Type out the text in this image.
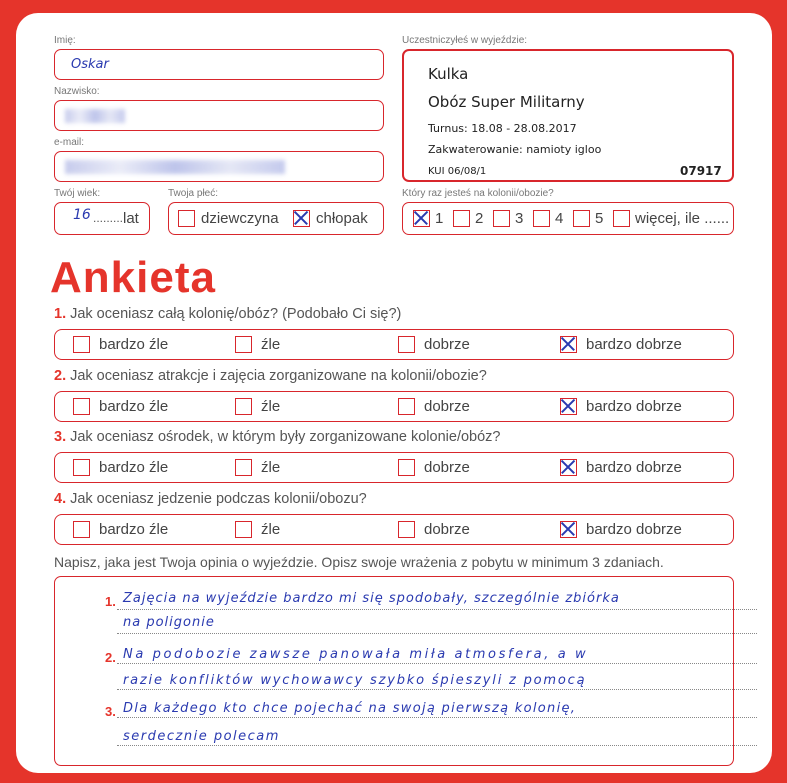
Imię:
Oskar
Nazwisko:
e-mail:
Twój wiek:
16 ......... lat
Twoja płeć:
dziewczyna chłopak
Uczestniczyłeś w wyjeździe:
Kulka
Obóz Super Militarny
Turnus: 18.08 - 28.08.2017
Zakwaterowanie: namioty igloo
KUI 06/08/1	07917
Który raz jesteś na kolonii/obozie?
1 2 3 4 5 więcej, ile ......
Ankieta
1. Jak oceniasz całą kolonię/obóz? (Podobało Ci się?)
bardzo źle	źle	dobrze	bardzo dobrze
2. Jak oceniasz atrakcje i zajęcia zorganizowane na kolonii/obozie?
bardzo źle	źle	dobrze	bardzo dobrze
3. Jak oceniasz ośrodek, w którym były zorganizowane kolonie/obóz?
bardzo źle	źle	dobrze	bardzo dobrze
4. Jak oceniasz jedzenie podczas kolonii/obozu?
bardzo źle	źle	dobrze	bardzo dobrze
Napisz, jaka jest Twoja opinia o wyjeździe. Opisz swoje wrażenia z pobytu w minimum 3 zdaniach.
1.
2.
3.
Zajęcia na wyjeździe bardzo mi się spodobały, szczególnie zbiórka
na poligonie
Na podobozie zawsze panowała miła atmosfera, a w
razie konfliktów wychowawcy szybko śpieszyli z pomocą
Dla każdego kto chce pojechać na swoją pierwszą kolonię,
serdecznie polecam
